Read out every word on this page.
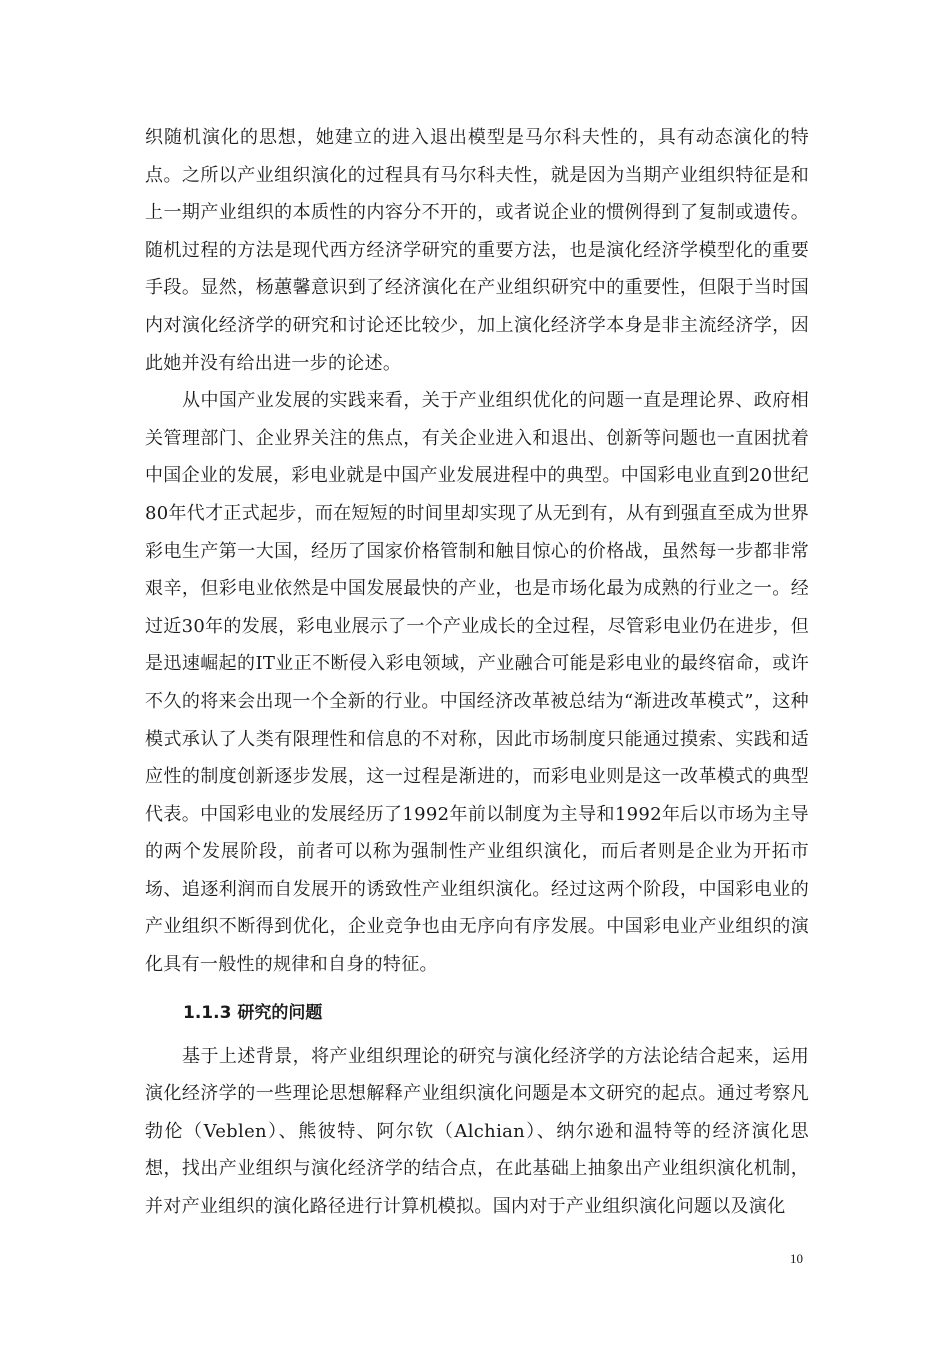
织随机演化的思想，她建立的进入退出模型是马尔科夫性的，具有动态演化的特点。之所以产业组织演化的过程具有马尔科夫性，就是因为当期产业组织特征是和上一期产业组织的本质性的内容分不开的，或者说企业的惯例得到了复制或遗传。随机过程的方法是现代西方经济学研究的重要方法，也是演化经济学模型化的重要手段。显然，杨蕙馨意识到了经济演化在产业组织研究中的重要性，但限于当时国内对演化经济学的研究和讨论还比较少，加上演化经济学本身是非主流经济学，因此她并没有给出进一步的论述。

从中国产业发展的实践来看，关于产业组织优化的问题一直是理论界、政府相关管理部门、企业界关注的焦点，有关企业进入和退出、创新等问题也一直困扰着中国企业的发展，彩电业就是中国产业发展进程中的典型。中国彩电业直到20世纪80年代才正式起步，而在短短的时间里却实现了从无到有，从有到强直至成为世界彩电生产第一大国，经历了国家价格管制和触目惊心的价格战，虽然每一步都非常艰辛，但彩电业依然是中国发展最快的产业，也是市场化最为成熟的行业之一。经过近30年的发展，彩电业展示了一个产业成长的全过程，尽管彩电业仍在进步，但是迅速崛起的IT业正不断侵入彩电领域，产业融合可能是彩电业的最终宿命，或许不久的将来会出现一个全新的行业。中国经济改革被总结为“渐进改革模式”，这种模式承认了人类有限理性和信息的不对称，因此市场制度只能通过摸索、实践和适应性的制度创新逐步发展，这一过程是渐进的，而彩电业则是这一改革模式的典型代表。中国彩电业的发展经历了1992年前以制度为主导和1992年后以市场为主导的两个发展阶段，前者可以称为强制性产业组织演化，而后者则是企业为开拓市场、追逐利润而自发展开的诱致性产业组织演化。经过这两个阶段，中国彩电业的产业组织不断得到优化，企业竞争也由无序向有序发展。中国彩电业产业组织的演化具有一般性的规律和自身的特征。

1.1.3 研究的问题

基于上述背景，将产业组织理论的研究与演化经济学的方法论结合起来，运用演化经济学的一些理论思想解释产业组织演化问题是本文研究的起点。通过考察凡勃伦（Veblen）、熊彼特、阿尔钦（Alchian）、纳尔逊和温特等的经济演化思想，找出产业组织与演化经济学的结合点，在此基础上抽象出产业组织演化机制，并对产业组织的演化路径进行计算机模拟。国内对于产业组织演化问题以及演化

10
